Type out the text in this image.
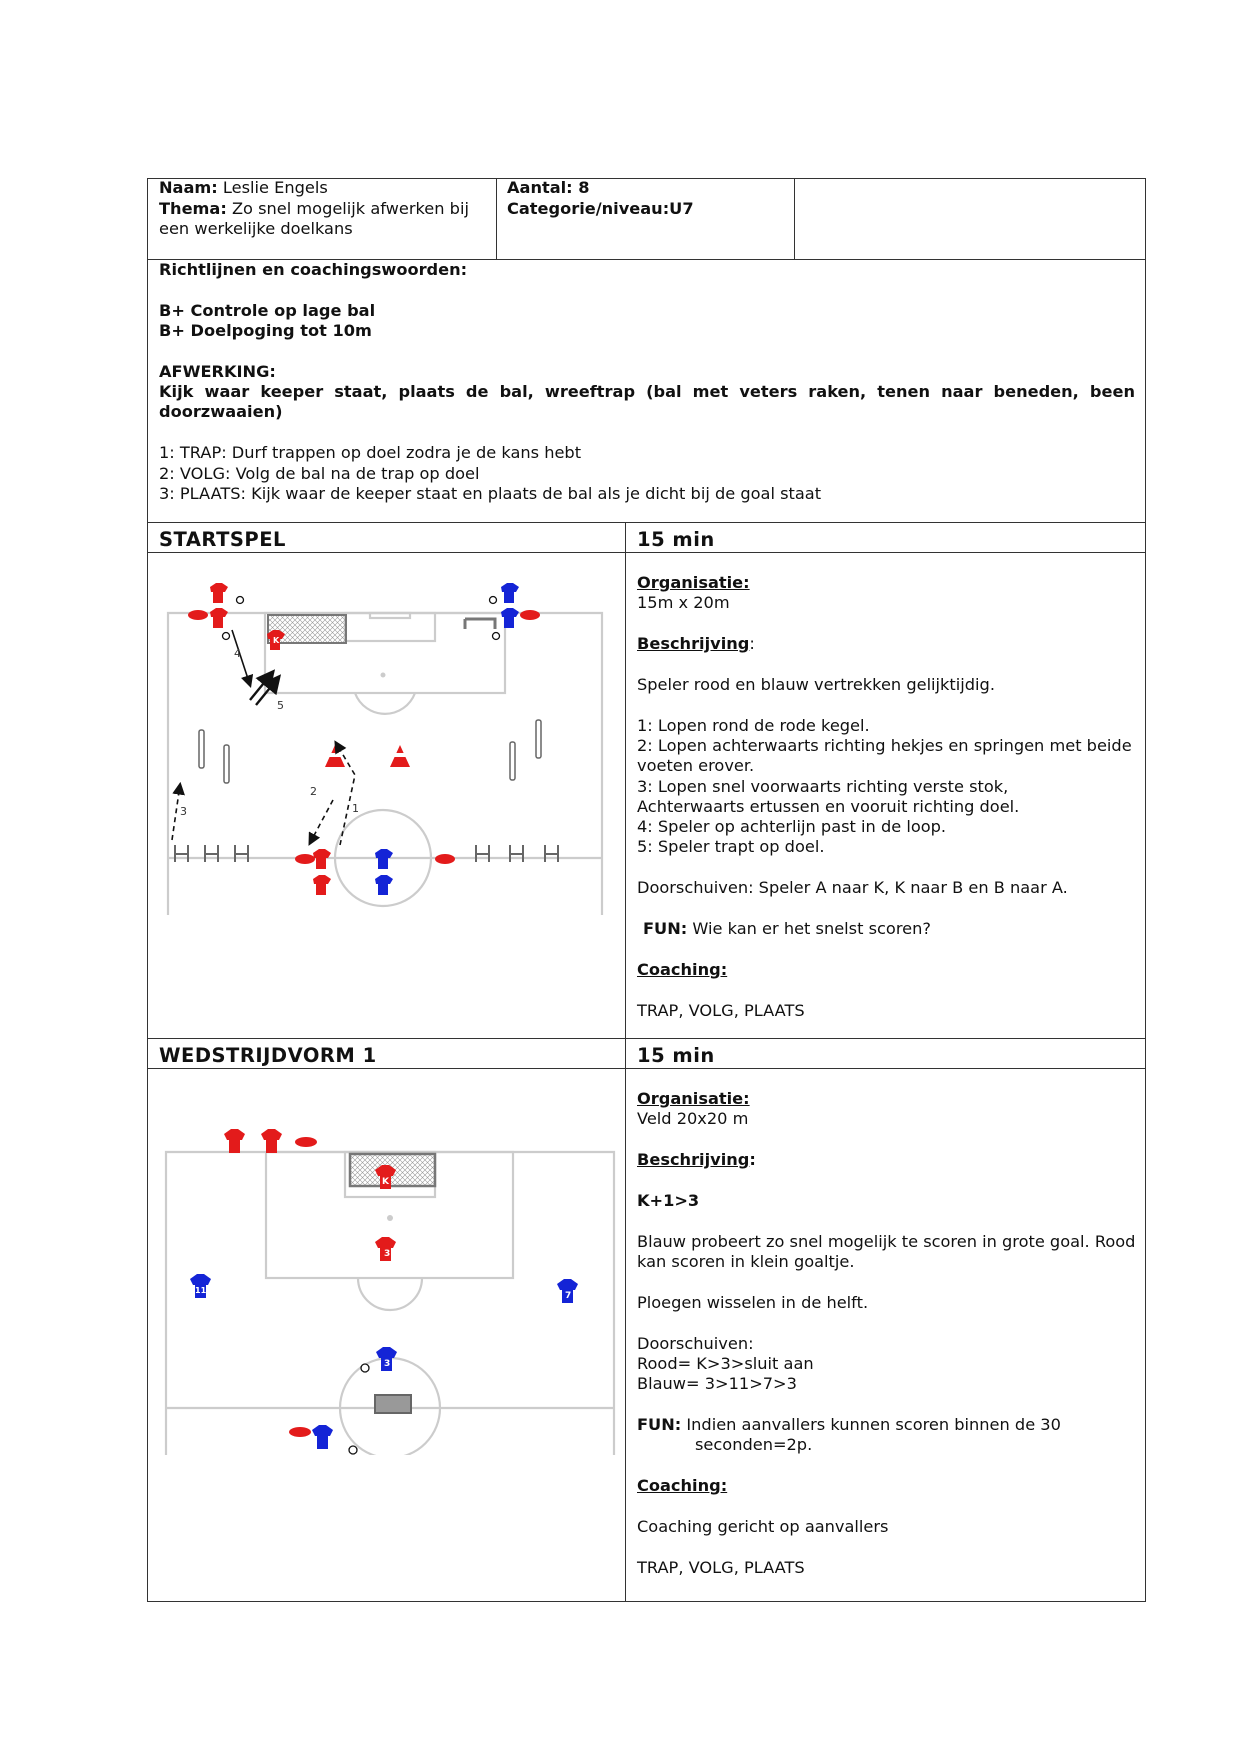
Naam: Leslie Engels
Thema: Zo snel mogelijk afwerken bij een werkelijke doelkans
Aantal: 8
Categorie/niveau:U7

Richtlijnen en coachingswoorden:

B+ Controle op lage bal

B+ Doelpoging tot 10m

AFWERKING:

Kijk waar keeper staat, plaats de bal, wreeftrap (bal met veters raken, tenen naar beneden, been doorzwaaien)

1: TRAP: Durf trappen op doel zodra je de kans hebt

2: VOLG: Volg de bal na de trap op doel

3: PLAATS: Kijk waar de keeper staat en plaats de bal als je dicht bij de goal staat

STARTSPEL	15 min
4
5
1
2
3
K

Organisatie:

15m x 20m

Beschrijving:

Speler rood en blauw vertrekken gelijktijdig.

1: Lopen rond de rode kegel.

2: Lopen achterwaarts richting hekjes en springen met beide voeten erover.

3: Lopen snel voorwaarts richting verste stok,

Achterwaarts ertussen en vooruit richting doel.

4: Speler op achterlijn past in de loop.

5: Speler trapt op doel.

Doorschuiven: Speler A naar K, K naar B en B naar A.

FUN: Wie kan er het snelst scoren?

Coaching:

TRAP, VOLG, PLAATS

WEDSTRIJDVORM 1	15 min
K
3
11
7
3

Organisatie:

Veld 20x20 m

Beschrijving:

K+1>3

Blauw probeert zo snel mogelijk te scoren in grote goal. Rood kan scoren in klein goaltje.

Ploegen wisselen in de helft.

Doorschuiven:

Rood= K>3>sluit aan

Blauw= 3>11>7>3

FUN: Indien aanvallers kunnen scoren binnen de 30 seconden=2p.

Coaching:

Coaching gericht op aanvallers

TRAP, VOLG, PLAATS
